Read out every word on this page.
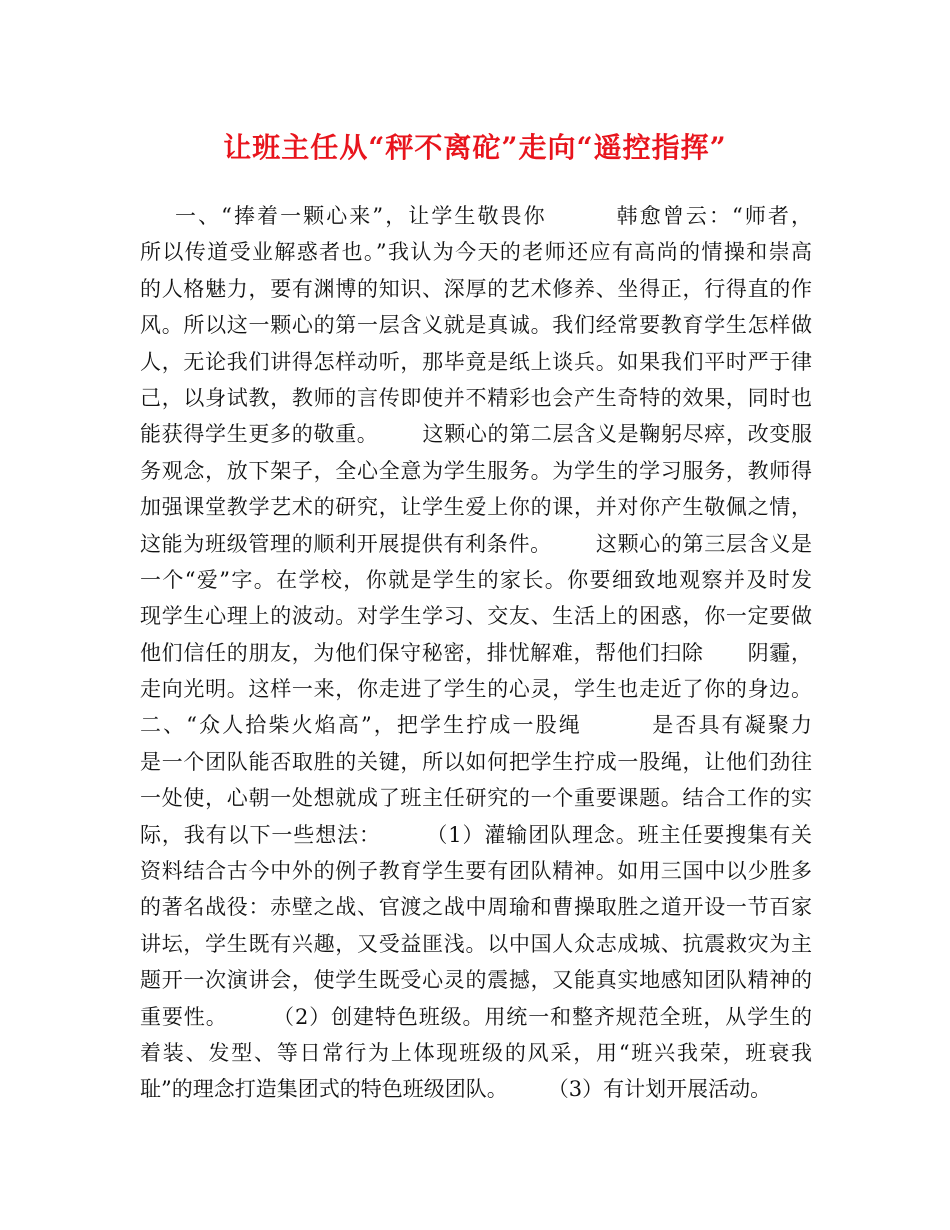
让班主任从“秤不离砣”走向“遥控指挥”
一、“捧着一颗心来”，让学生敬畏你        韩愈曾云：“师者，
所以传道受业解惑者也。”我认为今天的老师还应有高尚的情操和崇高
的人格魅力，要有渊博的知识、深厚的艺术修养、坐得正，行得直的作
风。所以这一颗心的第一层含义就是真诚。我们经常要教育学生怎样做
人，无论我们讲得怎样动听，那毕竟是纸上谈兵。如果我们平时严于律
己，以身试教，教师的言传即使并不精彩也会产生奇特的效果，同时也
能获得学生更多的敬重。      这颗心的第二层含义是鞠躬尽瘁，改变服
务观念，放下架子，全心全意为学生服务。为学生的学习服务，教师得
加强课堂教学艺术的研究，让学生爱上你的课，并对你产生敬佩之情，
这能为班级管理的顺利开展提供有利条件。      这颗心的第三层含义是
一个“爱”字。在学校，你就是学生的家长。你要细致地观察并及时发
现学生心理上的波动。对学生学习、交友、生活上的困惑，你一定要做
他们信任的朋友，为他们保守秘密，排忧解难，帮他们扫除      阴霾，
走向光明。这样一来，你走进了学生的心灵，学生也走近了你的身边。
二、“众人拾柴火焰高”，把学生拧成一股绳        是否具有凝聚力
是一个团队能否取胜的关键，所以如何把学生拧成一股绳，让他们劲往
一处使，心朝一处想就成了班主任研究的一个重要课题。结合工作的实
际，我有以下一些想法：      （1）灌输团队理念。班主任要搜集有关
资料结合古今中外的例子教育学生要有团队精神。如用三国中以少胜多
的著名战役：赤壁之战、官渡之战中周瑜和曹操取胜之道开设一节百家
讲坛，学生既有兴趣，又受益匪浅。以中国人众志成城、抗震救灾为主
题开一次演讲会，使学生既受心灵的震撼，又能真实地感知团队精神的
重要性。      （2）创建特色班级。用统一和整齐规范全班，从学生的
着装、发型、等日常行为上体现班级的风采，用“班兴我荣，班衰我
耻”的理念打造集团式的特色班级团队。      （3）有计划开展活动。
